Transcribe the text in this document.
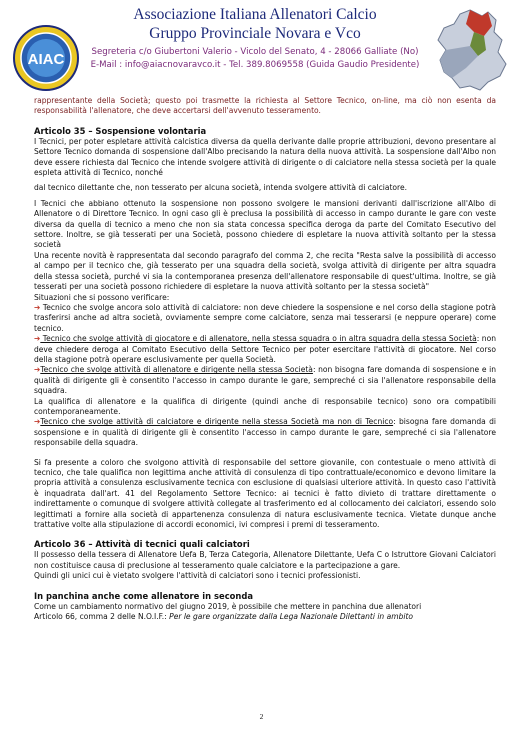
AIAC
Associazione Italiana Allenatori Calcio
Gruppo Provinciale Novara e Vco
Segreteria c/o Giubertoni Valerio - Vicolo del Senato, 4 - 28066 Galliate (No)
E-Mail : info@aiacnovaravco.it - Tel. 389.8069558 (Guida Gaudio Presidente)

rappresentante della Società; questo poi trasmette la richiesta al Settore Tecnico, on-line, ma ciò non esenta da responsabilità l'allenatore, che deve accertarsi dell'avvenuto tesseramento.

Articolo 35 – Sospensione volontaria

I Tecnici, per poter espletare attività calcistica diversa da quella derivante dalle proprie attribuzioni, devono presentare al Settore Tecnico domanda di sospensione dall'Albo precisando la natura della nuova attività. La sospensione dall'Albo non deve essere richiesta dal Tecnico che intende svolgere attività di dirigente o di calciatore nella stessa società per la quale espleta attività di Tecnico, nonché

dal tecnico dilettante che, non tesserato per alcuna società, intenda svolgere attività di calciatore.

I Tecnici che abbiano ottenuto la sospensione non possono svolgere le mansioni derivanti dall'iscrizione all'Albo di Allenatore o di Direttore Tecnico. In ogni caso gli è preclusa la possibilità di accesso in campo durante le gare con veste diversa da quella di tecnico a meno che non sia stata concessa specifica deroga da parte del Comitato Esecutivo del settore. Inoltre, se già tesserati per una Società, possono chiedere di espletare la nuova attività soltanto per la stessa società

Una recente novità è rappresentata dal secondo paragrafo del comma 2, che recita "Resta salve la possibilità di accesso al campo per il tecnico che, già tesserato per una squadra della società, svolga attività di dirigente per altra squadra della stessa società, purché vi sia la contemporanea presenza dell'allenatore responsabile di quest'ultima. Inoltre, se già tesserati per una società possono richiedere di espletare la nuova attività soltanto per la stessa società"

Situazioni che si possono verificare:

➔ Tecnico che svolge ancora solo attività di calciatore: non deve chiedere la sospensione e nel corso della stagione potrà trasferirsi anche ad altra società, ovviamente sempre come calciatore, senza mai tesserarsi (e neppure operare) come tecnico.

➔ Tecnico che svolge attività di giocatore e di allenatore, nella stessa squadra o in altra squadra della stessa Società: non deve chiedere deroga al Comitato Esecutivo della Settore Tecnico per poter esercitare l'attività di giocatore. Nel corso della stagione potrà operare esclusivamente per quella Società.

➔Tecnico che svolge attività di allenatore e dirigente nella stessa Società: non bisogna fare domanda di sospensione e in qualità di dirigente gli è consentito l'accesso in campo durante le gare, sempreché ci sia l'allenatore responsabile della squadra.

La qualifica di allenatore e la qualifica di dirigente (quindi anche di responsabile tecnico) sono ora compatibili contemporaneamente.

➔Tecnico che svolge attività di calciatore e dirigente nella stessa Società ma non di Tecnico: bisogna fare domanda di sospensione e in qualità di dirigente gli è consentito l'accesso in campo durante le gare, sempreché ci sia l'allenatore responsabile della squadra.

Si fa presente a coloro che svolgono attività di responsabile del settore giovanile, con contestuale o meno attività di tecnico, che tale qualifica non legittima anche attività di consulenza di tipo contrattuale/economico e devono limitare la propria attività a consulenza esclusivamente tecnica con esclusione di qualsiasi ulteriore attività. In questo caso l'attività è inquadrata dall'art. 41 del Regolamento Settore Tecnico: ai tecnici è fatto divieto di trattare direttamente o indirettamente o comunque di svolgere attività collegate al trasferimento ed al collocamento dei calciatori, essendo solo legittimati a fornire alla società di appartenenza consulenza di natura esclusivamente tecnica. Vietate dunque anche trattative volte alla stipulazione di accordi economici, ivi compresi i premi di tesseramento.

Articolo 36 – Attività di tecnici quali calciatori

Il possesso della tessera di Allenatore Uefa B, Terza Categoria, Allenatore Dilettante, Uefa C o Istruttore Giovani Calciatori non costituisce causa di preclusione al tesseramento quale calciatore e la partecipazione a gare.

Quindi gli unici cui è vietato svolgere l'attività di calciatori sono i tecnici professionisti.

In panchina anche come allenatore in seconda

Come un cambiamento normativo del giugno 2019, è possibile che mettere in panchina due allenatori

Articolo 66, comma 2 delle N.O.I.F.: Per le gare organizzate dalla Lega Nazionale Dilettanti in ambito

2
